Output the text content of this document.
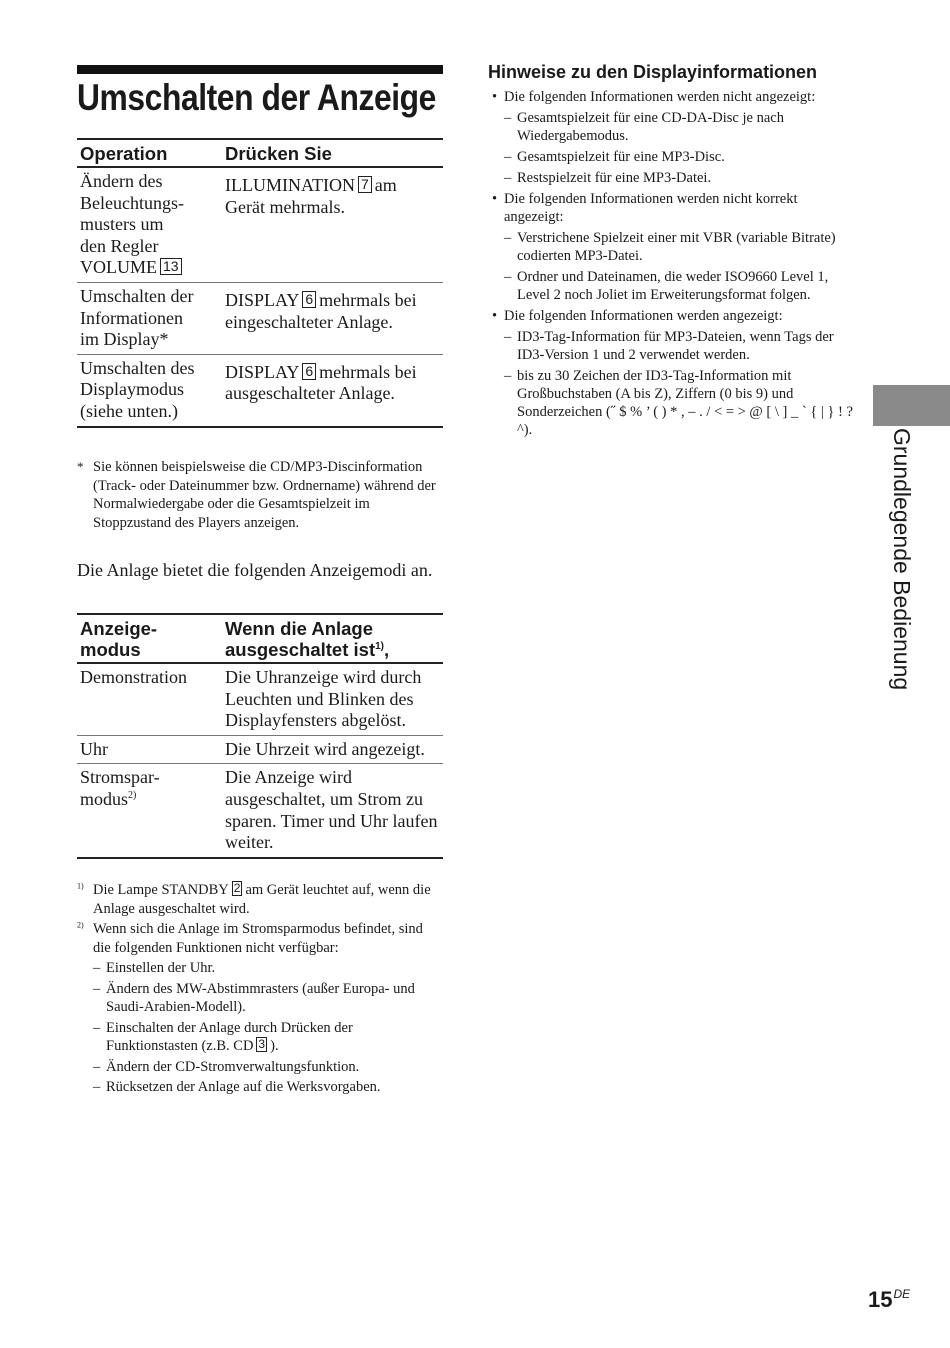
Umschalten der Anzeige
Operation	Drücken Sie
Ändern des
Beleuchtungs-
musters um
den Regler
VOLUME 13	ILLUMINATION 7 am Gerät mehrmals.
Umschalten der
Informationen
im Display*	DISPLAY 6 mehrmals bei eingeschalteter Anlage.
Umschalten des
Displaymodus
(siehe unten.)	DISPLAY 6 mehrmals bei ausgeschalteter Anlage.
* Sie können beispielsweise die CD/MP3-Discinformation (Track- oder Dateinummer bzw. Ordnername) während der Normalwiedergabe oder die Gesamtspielzeit im Stoppzustand des Players anzeigen.

Die Anlage bietet die folgenden Anzeigemodi an.

Anzeige-
modus	Wenn die Anlage
ausgeschaltet ist$^{1)}$,
Demonstration	Die Uhranzeige wird durch Leuchten und Blinken des Displayfensters abgelöst.
Uhr	Die Uhrzeit wird angezeigt.
Stromspar-
modus$^{2)}$	Die Anzeige wird ausgeschaltet, um Strom zu sparen. Timer und Uhr laufen weiter.
$^{1)}$ Die Lampe STANDBY 2 am Gerät leuchtet auf, wenn die Anlage ausgeschaltet wird.
$^{2)}$ Wenn sich die Anlage im Stromsparmodus befindet, sind die folgenden Funktionen nicht verfügbar:
– Einstellen der Uhr.
– Ändern des MW-Abstimmrasters (außer Europa- und Saudi-Arabien-Modell).
– Einschalten der Anlage durch Drücken der Funktionstasten (z.B. CD 3 ).
– Ändern der CD-Stromverwaltungsfunktion.
– Rücksetzen der Anlage auf die Werksvorgaben.
Hinweise zu den Displayinformationen
• Die folgenden Informationen werden nicht angezeigt:
– Gesamtspielzeit für eine CD-DA-Disc je nach Wiedergabemodus.
– Gesamtspielzeit für eine MP3-Disc.
– Restspielzeit für eine MP3-Datei.
• Die folgenden Informationen werden nicht korrekt angezeigt:
– Verstrichene Spielzeit einer mit VBR (variable Bitrate) codierten MP3-Datei.
– Ordner und Dateinamen, die weder ISO9660 Level 1, Level 2 noch Joliet im Erweiterungsformat folgen.
• Die folgenden Informationen werden angezeigt:
– ID3-Tag-Information für MP3-Dateien, wenn Tags der ID3-Version 1 und 2 verwendet werden.
– bis zu 30 Zeichen der ID3-Tag-Information mit Großbuchstaben (A bis Z), Ziffern (0 bis 9) und Sonderzeichen (˝ $ % ’ ( ) * , – . / < = > @ [ \ ] _ ` { | } ! ? ^).	Grundlegende Bedienung
15DE
